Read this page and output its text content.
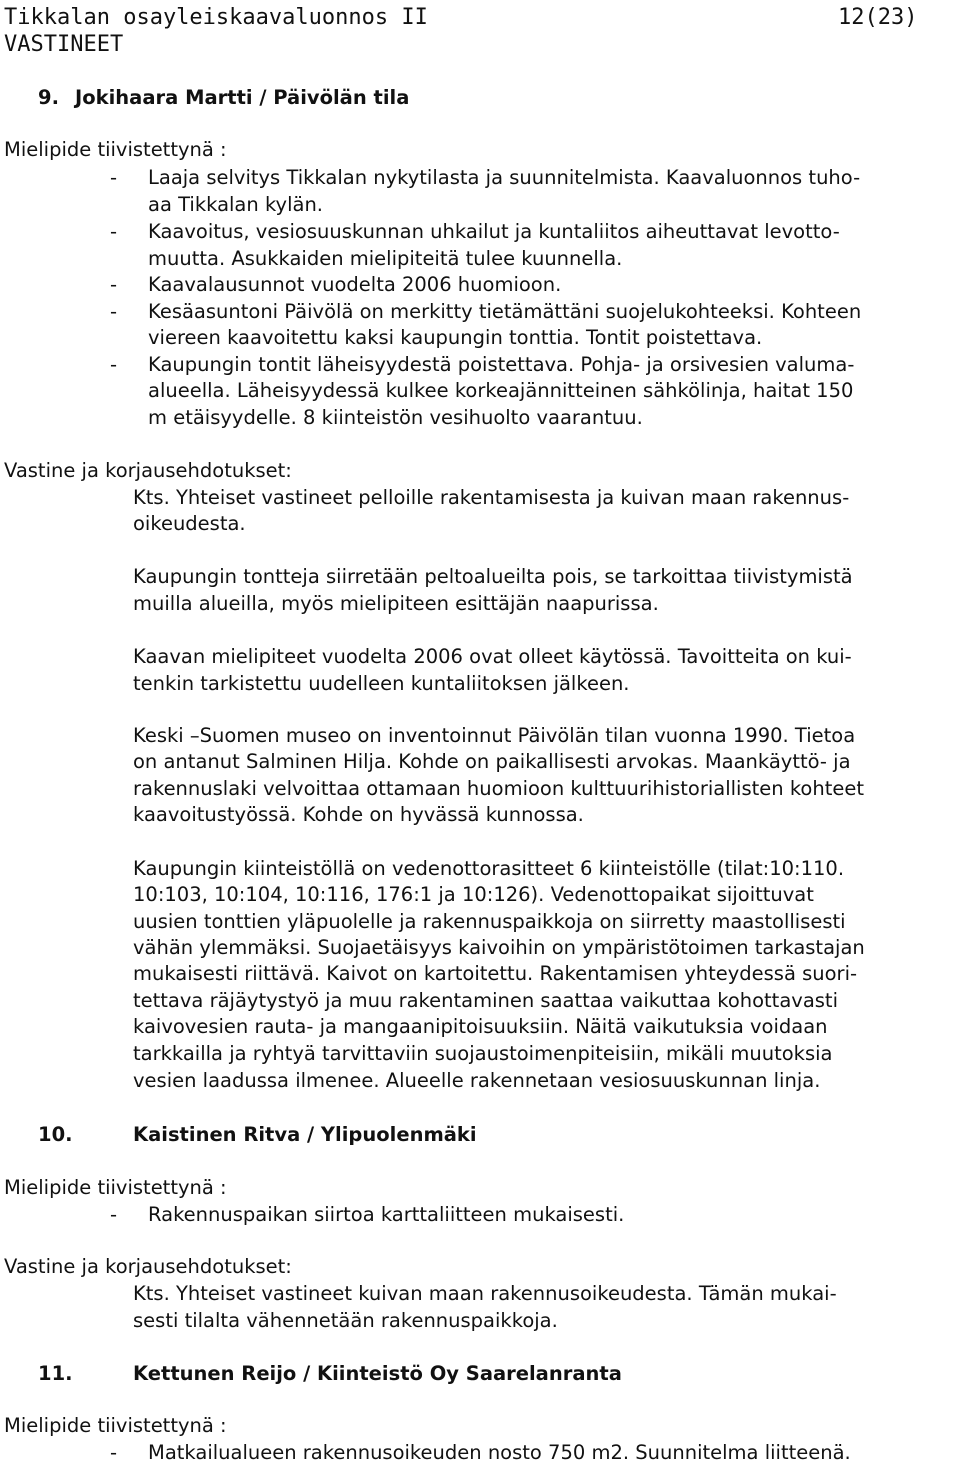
Tikkalan osayleiskaavaluonnos II	12(23)
VASTINEET
9. Jokihaara Martti / Päivölän tila
Mielipide tiivistettynä :
- Laaja selvitys Tikkalan nykytilasta ja suunnitelmista. Kaavaluonnos tuho-
aa Tikkalan kylän.
- Kaavoitus, vesiosuuskunnan uhkailut ja kuntaliitos aiheuttavat levotto-
muutta. Asukkaiden mielipiteitä tulee kuunnella.
- Kaavalausunnot vuodelta 2006 huomioon.
- Kesäasuntoni Päivölä on merkitty tietämättäni suojelukohteeksi. Kohteen
viereen kaavoitettu kaksi kaupungin tonttia. Tontit poistettava.
- Kaupungin tontit läheisyydestä poistettava. Pohja- ja orsivesien valuma-
alueella. Läheisyydessä kulkee korkeajännitteinen sähkölinja, haitat 150
m etäisyydelle. 8 kiinteistön vesihuolto vaarantuu.
Vastine ja korjausehdotukset:
Kts. Yhteiset vastineet pelloille rakentamisesta ja kuivan maan rakennus-
oikeudesta.
Kaupungin tontteja siirretään peltoalueilta pois, se tarkoittaa tiivistymistä
muilla alueilla, myös mielipiteen esittäjän naapurissa.
Kaavan mielipiteet vuodelta 2006 ovat olleet käytössä. Tavoitteita on kui-
tenkin tarkistettu uudelleen kuntaliitoksen jälkeen.
Keski –Suomen museo on inventoinnut Päivölän tilan vuonna 1990. Tietoa
on antanut Salminen Hilja. Kohde on paikallisesti arvokas. Maankäyttö- ja
rakennuslaki velvoittaa ottamaan huomioon kulttuurihistoriallisten kohteet
kaavoitustyössä. Kohde on hyvässä kunnossa.
Kaupungin kiinteistöllä on vedenottorasitteet 6 kiinteistölle (tilat:10:110.
10:103, 10:104, 10:116, 176:1 ja 10:126). Vedenottopaikat sijoittuvat
uusien tonttien yläpuolelle ja rakennuspaikkoja on siirretty maastollisesti
vähän ylemmäksi. Suojaetäisyys kaivoihin on ympäristötoimen tarkastajan
mukaisesti riittävä. Kaivot on kartoitettu. Rakentamisen yhteydessä suori-
tettava räjäytystyö ja muu rakentaminen saattaa vaikuttaa kohottavasti
kaivovesien rauta- ja mangaanipitoisuuksiin. Näitä vaikutuksia voidaan
tarkkailla ja ryhtyä tarvittaviin suojaustoimenpiteisiin, mikäli muutoksia
vesien laadussa ilmenee. Alueelle rakennetaan vesiosuuskunnan linja.
10.	Kaistinen Ritva / Ylipuolenmäki
Mielipide tiivistettynä :
- Rakennuspaikan siirtoa karttaliitteen mukaisesti.
Vastine ja korjausehdotukset:
Kts. Yhteiset vastineet kuivan maan rakennusoikeudesta. Tämän mukai-
sesti tilalta vähennetään rakennuspaikkoja.
11.	Kettunen Reijo / Kiinteistö Oy Saarelanranta
Mielipide tiivistettynä :
- Matkailualueen rakennusoikeuden nosto 750 m2. Suunnitelma liitteenä.
